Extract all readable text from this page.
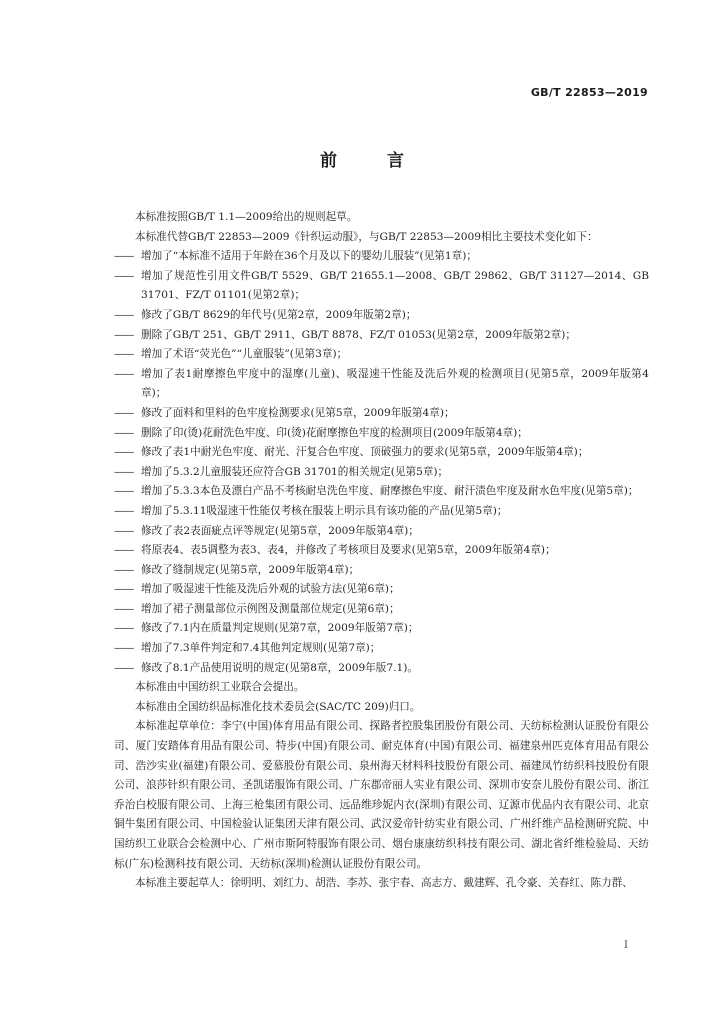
GB/T 22853—2019
前 言

本标准按照GB/T 1.1—2009给出的规则起草。

本标准代替GB/T 22853—2009《针织运动服》，与GB/T 22853—2009相比主要技术变化如下：

—— 增加了“本标准不适用于年龄在36个月及以下的婴幼儿服装”(见第1章)；

—— 增加了规范性引用文件GB/T 5529、GB/T 21655.1—2008、GB/T 29862、GB/T 31127—2014、GB 31701、FZ/T 01101(见第2章)；

—— 修改了GB/T 8629的年代号(见第2章，2009年版第2章)；

—— 删除了GB/T 251、GB/T 2911、GB/T 8878、FZ/T 01053(见第2章，2009年版第2章)；

—— 增加了术语“荧光色”“儿童服装”(见第3章)；

—— 增加了表1耐摩擦色牢度中的湿摩(儿童)、吸湿速干性能及洗后外观的检测项目(见第5章，2009年版第4章)；

—— 修改了面料和里料的色牢度检测要求(见第5章，2009年版第4章)；

—— 删除了印(烫)花耐洗色牢度、印(烫)花耐摩擦色牢度的检测项目(2009年版第4章)；

—— 修改了表1中耐光色牢度、耐光、汗复合色牢度、顶破强力的要求(见第5章，2009年版第4章)；

—— 增加了5.3.2儿童服装还应符合GB 31701的相关规定(见第5章)；

—— 增加了5.3.3本色及漂白产品不考核耐皂洗色牢度、耐摩擦色牢度、耐汗渍色牢度及耐水色牢度(见第5章)；

—— 增加了5.3.11吸湿速干性能仅考核在服装上明示具有该功能的产品(见第5章)；

—— 修改了表2表面疵点评等规定(见第5章，2009年版第4章)；

—— 将原表4、表5调整为表3、表4，并修改了考核项目及要求(见第5章，2009年版第4章)；

—— 修改了缝制规定(见第5章，2009年版第4章)；

—— 增加了吸湿速干性能及洗后外观的试验方法(见第6章)；

—— 增加了裙子测量部位示例图及测量部位规定(见第6章)；

—— 修改了7.1内在质量判定规则(见第7章，2009年版第7章)；

—— 增加了7.3单件判定和7.4其他判定规则(见第7章)；

—— 修改了8.1产品使用说明的规定(见第8章，2009年版7.1)。

本标准由中国纺织工业联合会提出。

本标准由全国纺织品标准化技术委员会(SAC/TC 209)归口。

本标准起草单位：李宁(中国)体育用品有限公司、探路者控股集团股份有限公司、天纺标检测认证股份有限公司、厦门安踏体育用品有限公司、特步(中国)有限公司、耐克体育(中国)有限公司、福建泉州匹克体育用品有限公司、浩沙实业(福建)有限公司、爱慕股份有限公司、泉州海天材料科技股份有限公司、福建凤竹纺织科技股份有限公司、浪莎针织有限公司、圣凯诺服饰有限公司、广东郡帝丽人实业有限公司、深圳市安奈儿股份有限公司、浙江乔治白校服有限公司、上海三枪集团有限公司、远品维珍妮内衣(深圳)有限公司、辽源市优品内衣有限公司、北京铜牛集团有限公司、中国检验认证集团天津有限公司、武汉爱帝针纺实业有限公司、广州纤维产品检测研究院、中国纺织工业联合会检测中心、广州市斯阿特服饰有限公司、烟台康康纺织科技有限公司、湖北省纤维检验局、天纺标(广东)检测科技有限公司、天纺标(深圳)检测认证股份有限公司。

本标准主要起草人：徐明明、刘红力、胡浩、李苏、张宇春、高志方、戴建辉、孔令豪、关春红、陈力群、

I
